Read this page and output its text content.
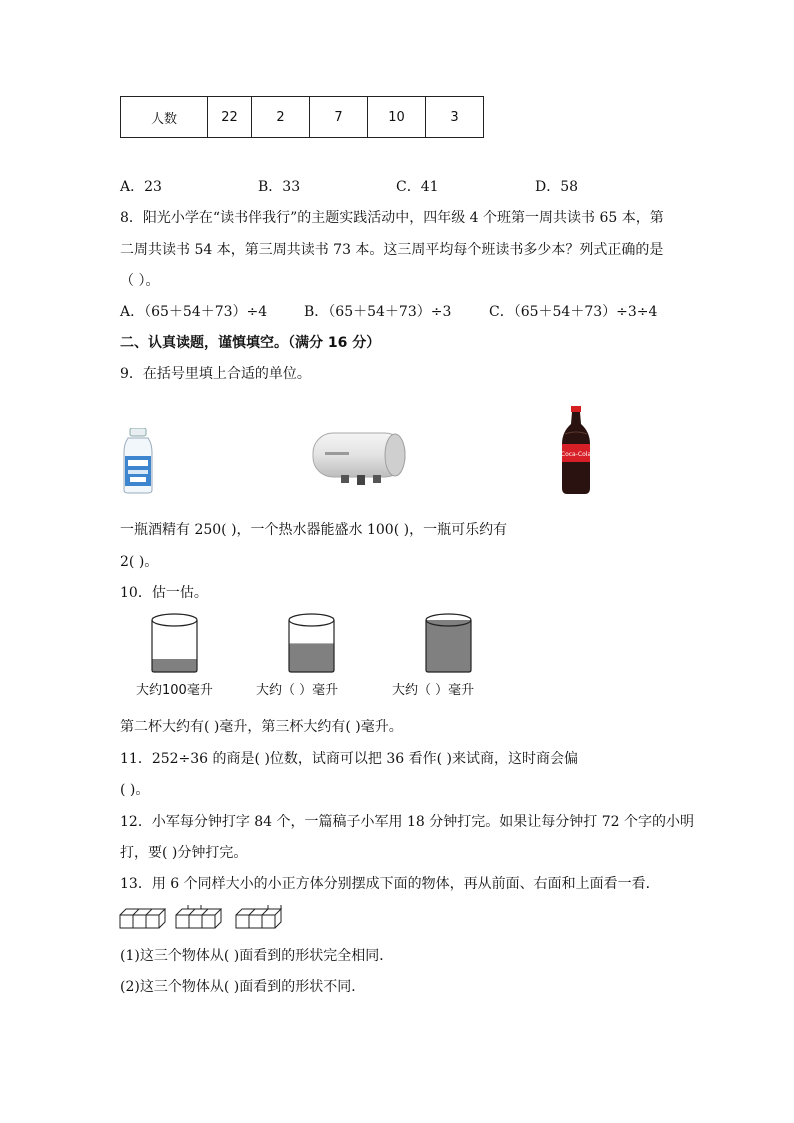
人数	22	2	7	10	3
A．23	B．33	C．41	D．58
8．阳光小学在“读书伴我行”的主题实践活动中，四年级 4 个班第一周共读书 65 本，第
二周共读书 54 本，第三周共读书 73 本。这三周平均每个班读书多少本？列式正确的是
（ ）。
A．（65＋54＋73）÷4	B．（65＋54＋73）÷3	C．（65＋54＋73）÷3÷4
二、认真读题，谨慎填空。（满分 16 分）
9．在括号里填上合适的单位。
Coca-Cola
一瓶酒精有 250( )，一个热水器能盛水 100( )，一瓶可乐约有
2( )。
10．估一估。
大约100毫升	大约（ ）毫升	大约（ ）毫升
第二杯大约有( )毫升，第三杯大约有( )毫升。
11．252÷36 的商是( )位数，试商可以把 36 看作( )来试商，这时商会偏
( )。
12．小军每分钟打字 84 个，一篇稿子小军用 18 分钟打完。如果让每分钟打 72 个字的小明
打，要( )分钟打完。
13．用 6 个同样大小的小正方体分别摆成下面的物体，再从前面、右面和上面看一看．
(1)这三个物体从( )面看到的形状完全相同．
(2)这三个物体从( )面看到的形状不同．
